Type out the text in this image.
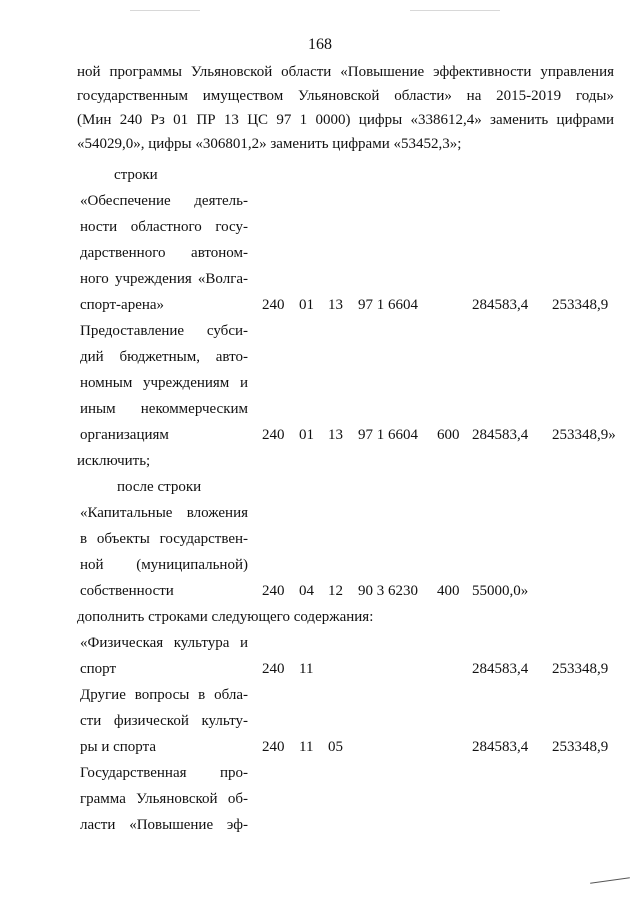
168
ной программы Ульяновской области «Повышение эффективности управления
государственным имуществом Ульяновской области» на 2015-2019 годы»
(Мин 240 Рз 01 ПР 13 ЦС 97 1 0000) цифры «338612,4» заменить цифрами
«54029,0», цифры «306801,2» заменить цифрами «53452,3»;
строки
«Обеспечение деятель-
ности областного госу-
дарственного автоном-
ного учреждения «Волга-
спорт-арена»	240 01 13 97 1 6604	284583,4 253348,9
Предоставление субси-
дий бюджетным, авто-
номным учреждениям и
иным некоммерческим
организациям	240 01 13 97 1 6604 600 284583,4 253348,9»
исключить;
после строки
«Капитальные вложения
в объекты государствен-
ной (муниципальной)
собственности	240 04 12 90 3 6230 400 55000,0»
дополнить строками следующего содержания:
«Физическая культура и
спорт	240 11	284583,4 253348,9
Другие вопросы в обла-
сти физической культу-
ры и спорта	240 11 05	284583,4 253348,9
Государственная про-
грамма Ульяновской об-
ласти «Повышение эф-
